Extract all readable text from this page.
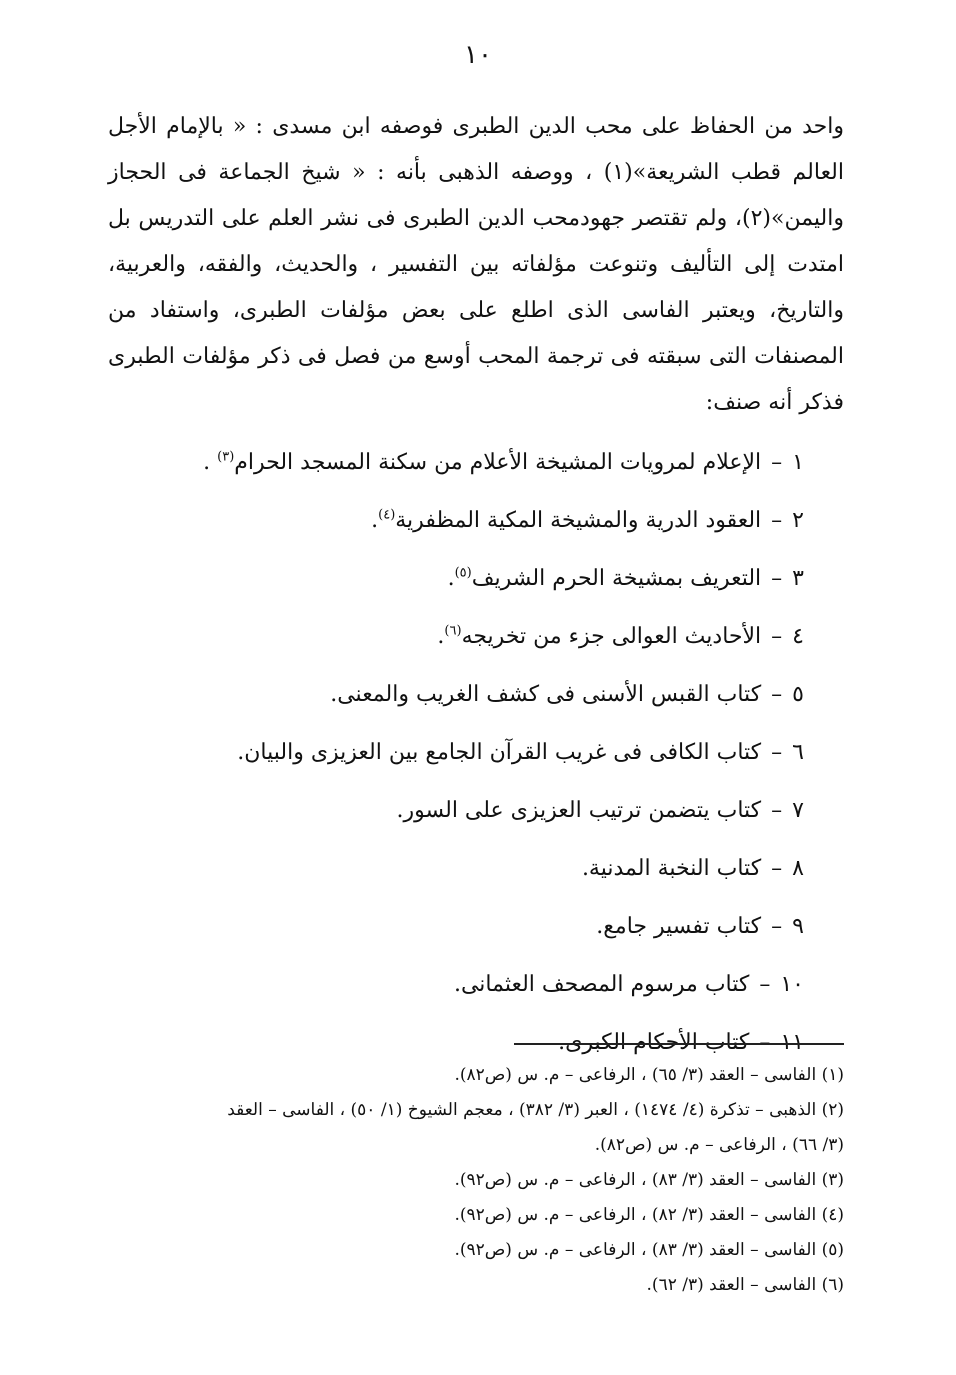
١٠

واحد من الحفاظ على محب الدين الطبرى فوصفه ابن مسدى : « بالإمام الأجل العالم قطب الشريعة»(١) ، ووصفه الذهبى بأنه : « شيخ الجماعة فى الحجاز واليمن»(٢)، ولم تقتصر جهودمحب الدين الطبرى فى نشر العلم على التدريس بل امتدت إلى التأليف وتنوعت مؤلفاته بين التفسير ، والحديث، والفقه، والعربية، والتاريخ، ويعتبر الفاسى الذى اطلع على بعض مؤلفات الطبرى، واستفاد من المصنفات التى سبقته فى ترجمة المحب أوسع من فصل فى ذكر مؤلفات الطبرى فذكر أنه صنف:

١–الإعلام لمرويات المشيخة الأعلام من سكنة المسجد الحرام$^{(٣)}$ .
٢–العقود الدرية والمشيخة المكية المظفرية$^{(٤)}$.
٣–التعريف بمشيخة الحرم الشريف$^{(٥)}$.
٤–الأحاديث العوالى جزء من تخريجه$^{(٦)}$.
٥–كتاب القبس الأسنى فى كشف الغريب والمعنى.
٦–كتاب الكافى فى غريب القرآن الجامع بين العزيزى والبيان.
٧–كتاب يتضمن ترتيب العزيزى على السور.
٨–كتاب النخبة المدنية.
٩–كتاب تفسير جامع.
١٠–كتاب مرسوم المصحف العثمانى.
١١–كتاب الأحكام الكبرى.

(١) الفاسى – العقد (٣/ ٦٥) ، الرفاعى – م. س (ص٨٢).

(٢) الذهبى – تذكرة (٤/ ١٤٧٤) ، العبر (٣/ ٣٨٢) ، معجم الشيوخ (١/ ٥٠) ، الفاسى – العقد

(٣/ ٦٦) ، الرفاعى – م. س (ص٨٢).

(٣) الفاسى – العقد (٣/ ٨٣) ، الرفاعى – م. س (ص٩٢).

(٤) الفاسى – العقد (٣/ ٨٢) ، الرفاعى – م. س (ص٩٢).

(٥) الفاسى – العقد (٣/ ٨٣) ، الرفاعى – م. س (ص٩٢).

(٦) الفاسى – العقد (٣/ ٦٢).
